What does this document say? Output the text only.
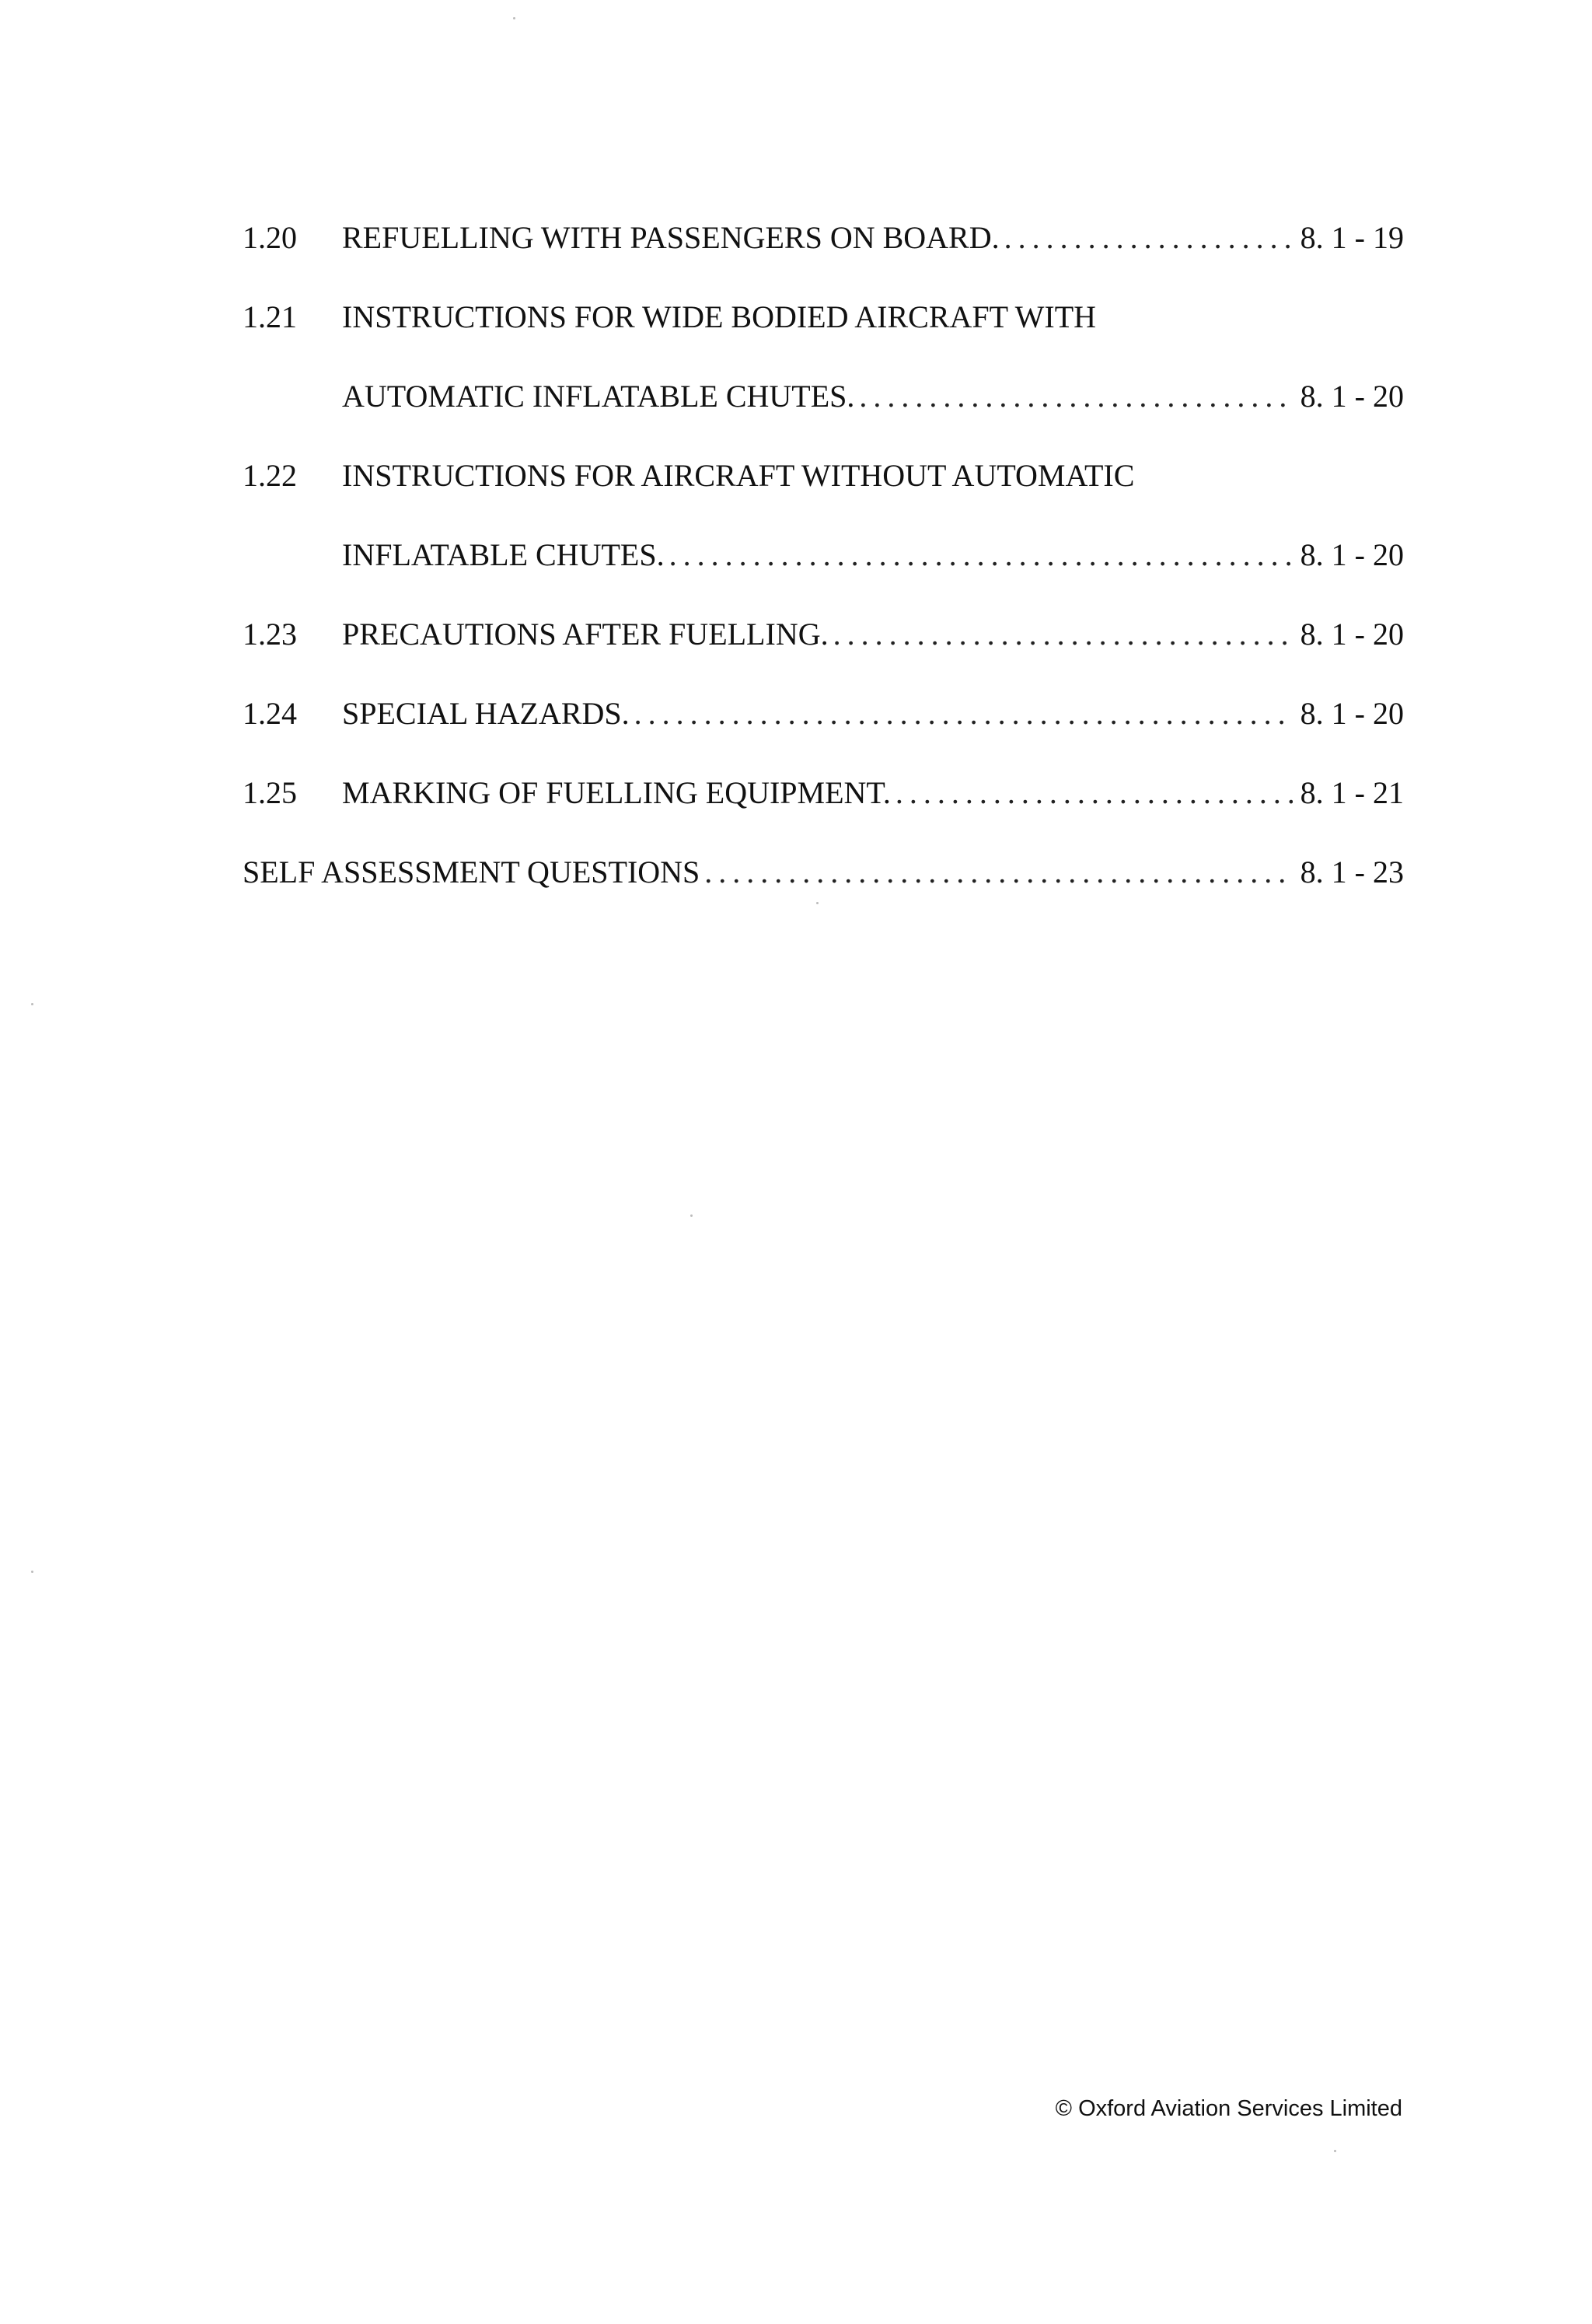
1.20	REFUELLING WITH PASSENGERS ON BOARD. .....	8. 1 - 19
1.21	INSTRUCTIONS FOR WIDE BODIED AIRCRAFT WITH
AUTOMATIC INFLATABLE CHUTES. .....	8. 1 - 20
1.22	INSTRUCTIONS FOR AIRCRAFT WITHOUT AUTOMATIC
INFLATABLE CHUTES. .....	8. 1 - 20
1.23	PRECAUTIONS AFTER FUELLING. .....	8. 1 - 20
1.24	SPECIAL HAZARDS. .....	8. 1 - 20
1.25	MARKING OF FUELLING EQUIPMENT. .....	8. 1 - 21
SELF ASSESSMENT QUESTIONS .....	8. 1 - 23
© Oxford Aviation Services Limited
